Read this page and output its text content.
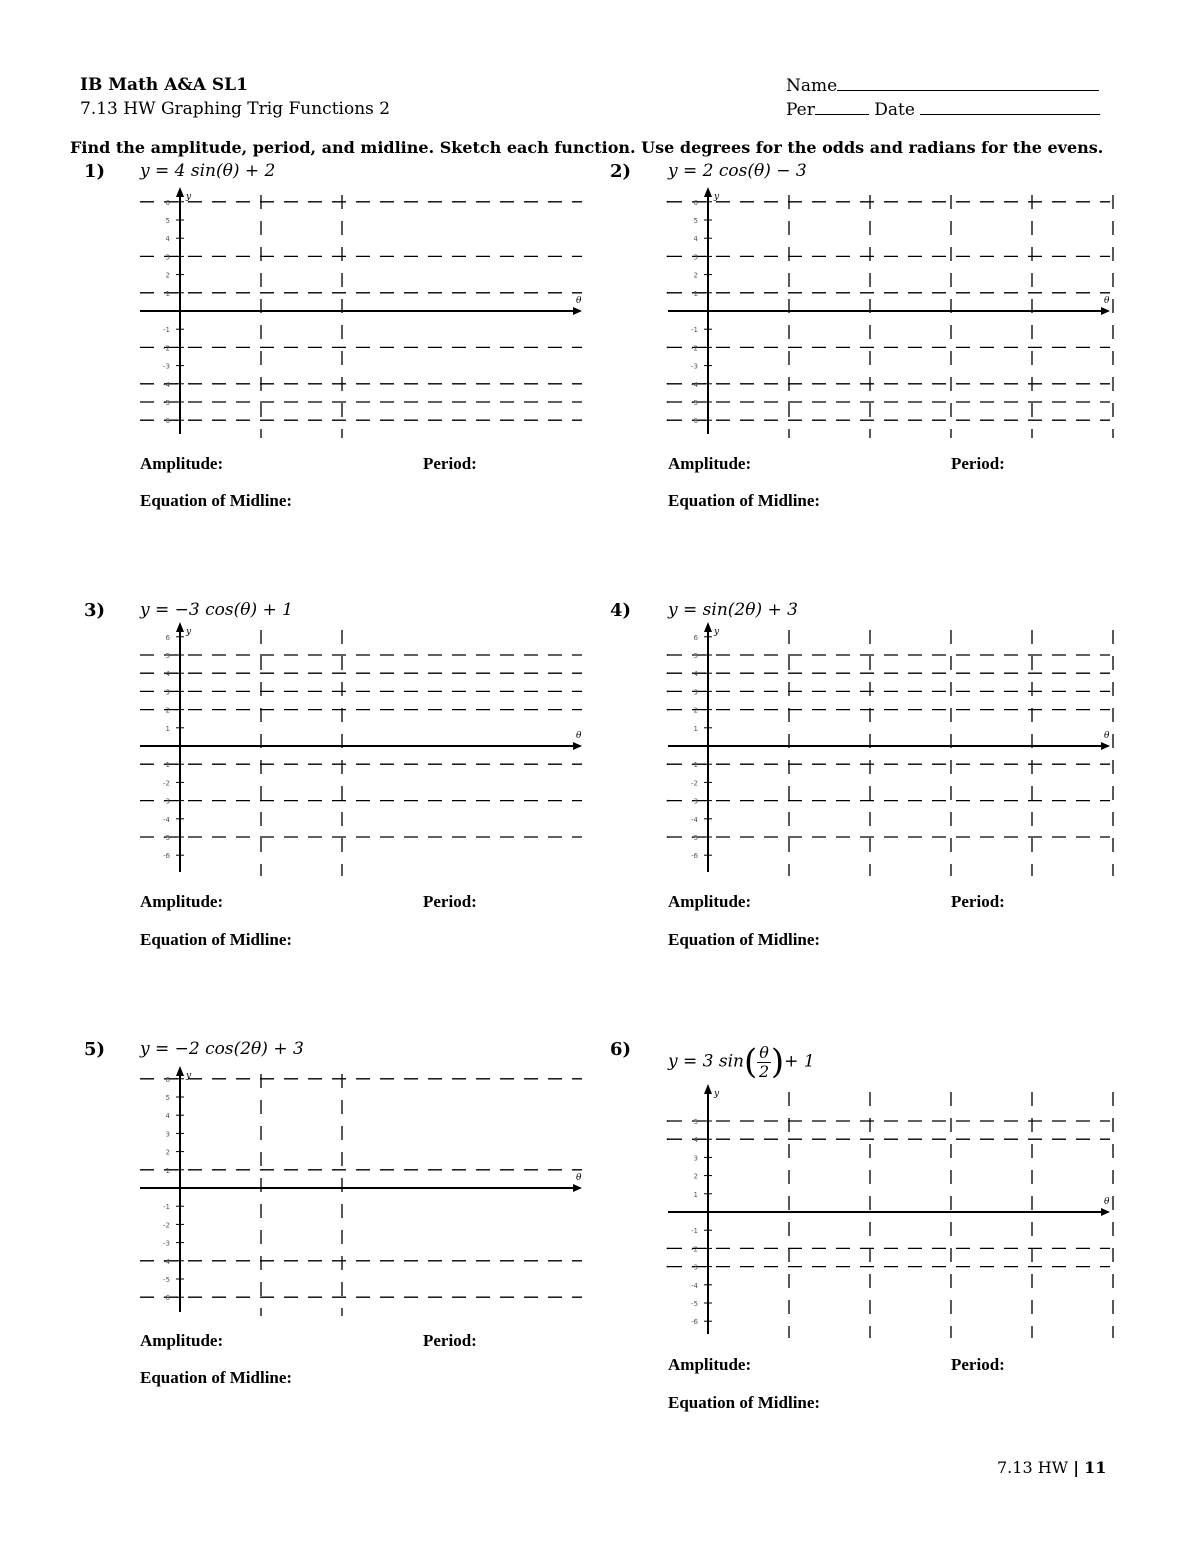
IB Math A&A SL1
7.13 HW Graphing Trig Functions 2
Name
Per	Date
Find the amplitude, period, and midline. Sketch each function. Use degrees for the odds and radians for the evens.
1) y = 4 sin(θ) + 2
Amplitude:	Period:
Equation of Midline:
y
θ
6
5
4
3
2
1
-1
-2
-3
-4
-5
-6
2) y = 2 cos(θ) − 3
Amplitude:	Period:
Equation of Midline:
y
θ
6
5
4
3
2
1
-1
-2
-3
-4
-5
-6
3) y = −3 cos(θ) + 1
Amplitude:	Period:
Equation of Midline:
y
θ
6
5
4
3
2
1
-1
-2
-3
-4
-5
-6
4) y = sin(2θ) + 3
Amplitude:	Period:
Equation of Midline:
y
θ
6
5
4
3
2
1
-1
-2
-3
-4
-5
-6
5) y = −2 cos(2θ) + 3
Amplitude:	Period:
Equation of Midline:
y
θ
6
5
4
3
2
1
-1
-2
-3
-4
-5
-6
6)
y = 3 $\sin( \frac{\theta}{2}$ )+ 1
Amplitude:	Period:
Equation of Midline:
y
θ
5
4
3
2
1
-1
-2
-3
-4
-5
-6
7.13 HW | 11
